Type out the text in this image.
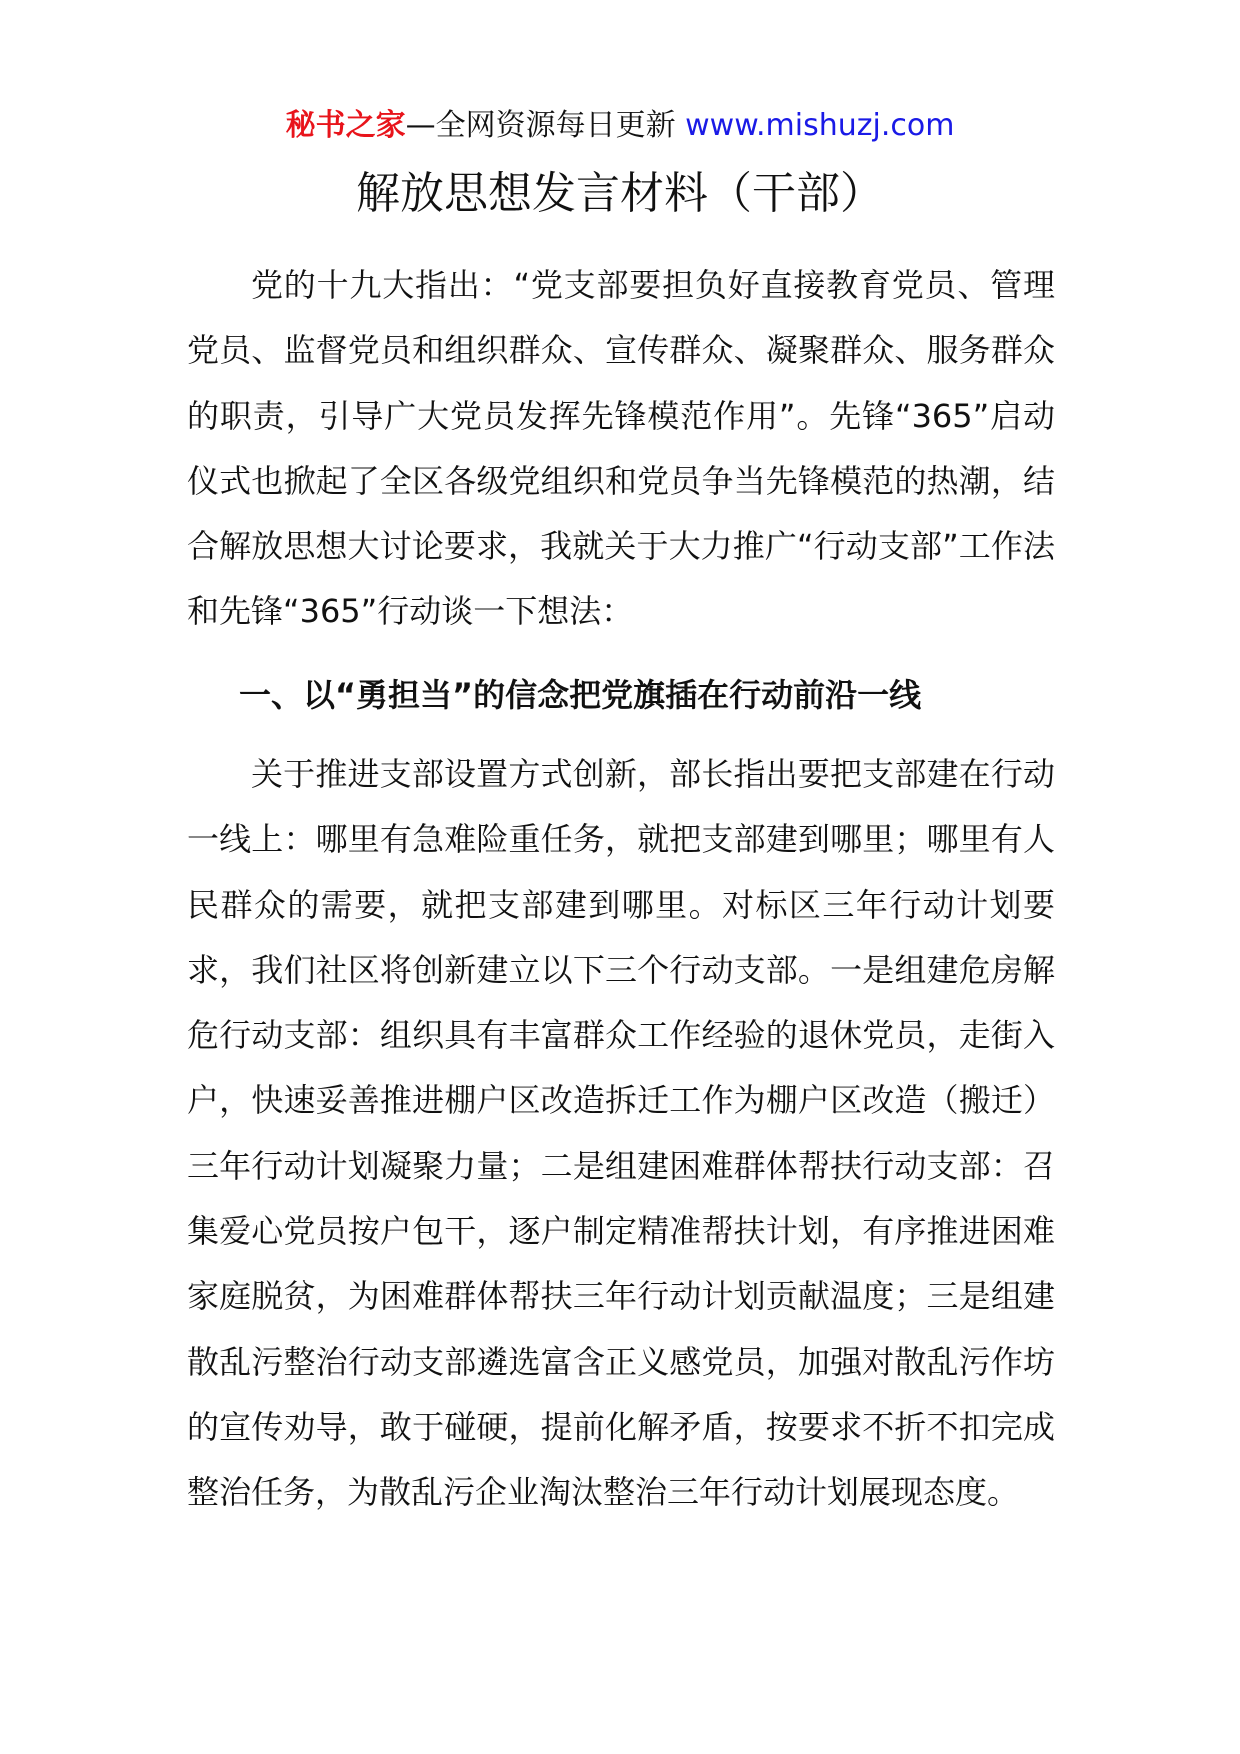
秘书之家—全网资源每日更新 www.mishuzj.com
解放思想发言材料（干部）

党的十九大指出：“党支部要担负好直接教育党员、管理党员、监督党员和组织群众、宣传群众、凝聚群众、服务群众的职责，引导广大党员发挥先锋模范作用”。先锋“365”启动仪式也掀起了全区各级党组织和党员争当先锋模范的热潮，结合解放思想大讨论要求，我就关于大力推广“行动支部”工作法和先锋“365”行动谈一下想法：

一、以“勇担当”的信念把党旗插在行动前沿一线

关于推进支部设置方式创新，部长指出要把支部建在行动一线上：哪里有急难险重任务，就把支部建到哪里；哪里有人民群众的需要，就把支部建到哪里。对标区三年行动计划要求，我们社区将创新建立以下三个行动支部。一是组建危房解危行动支部：组织具有丰富群众工作经验的退休党员，走街入户，快速妥善推进棚户区改造拆迁工作为棚户区改造（搬迁）三年行动计划凝聚力量；二是组建困难群体帮扶行动支部：召集爱心党员按户包干，逐户制定精准帮扶计划，有序推进困难家庭脱贫，为困难群体帮扶三年行动计划贡献温度；三是组建散乱污整治行动支部遴选富含正义感党员，加强对散乱污作坊的宣传劝导，敢于碰硬，提前化解矛盾，按要求不折不扣完成整治任务，为散乱污企业淘汰整治三年行动计划展现态度。
